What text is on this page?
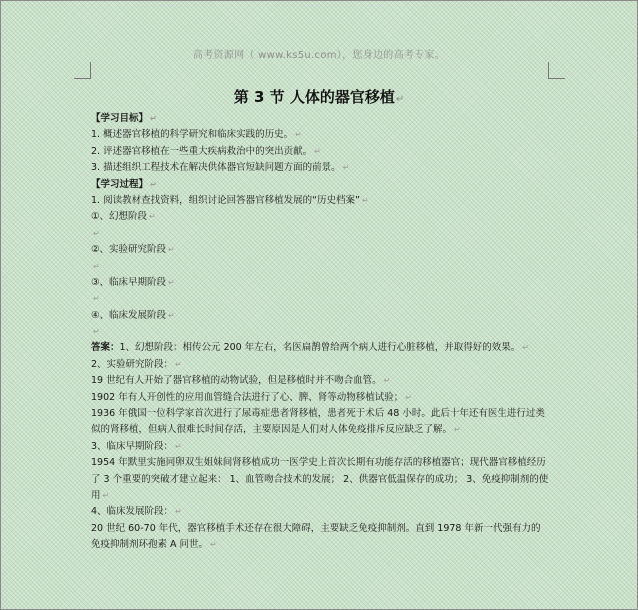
高考资源网（ www.ks5u.com），您身边的高考专家。
第 3 节 人体的器官移植↵
【学习目标】 ↵
1. 概述器官移植的科学研究和临床实践的历史。 ↵
2. 评述器官移植在一些重大疾病救治中的突出贡献。 ↵
3. 描述组织工程技术在解决供体器官短缺问题方面的前景。 ↵
【学习过程】 ↵
1. 阅读教材查找资料，组织讨论回答器官移植发展的“历史档案” ↵
①、幻想阶段 ↵
↵
②、实验研究阶段 ↵
↵
③、临床早期阶段 ↵
↵
④、临床发展阶段 ↵
↵
答案：1、幻想阶段：相传公元 200 年左右，名医扁鹊曾给两个病人进行心脏移植，并取得好的效果。 ↵
2、实验研究阶段： ↵
19 世纪有人开始了器官移植的动物试验，但是移植时并不吻合血管。 ↵
1902 年有人开创性的应用血管缝合法进行了心、脾、肾等动物移植试验； ↵
1936 年俄国一位科学家首次进行了尿毒症患者肾移植，患者死于术后 48 小时。此后十年还有医生进行过类似的肾移植，但病人很难长时间存活，主要原因是人们对人体免疫排斥反应缺乏了解。 ↵
3、临床早期阶段： ↵
1954 年默里实施同卵双生姐妹间肾移植成功一医学史上首次长期有功能存活的移植器官；现代器官移植经历了 3 个重要的突破才建立起来： 1、血管吻合技术的发展； 2、供器官低温保存的成功； 3、免疫抑制剂的使用 ↵
4、临床发展阶段： ↵
20 世纪 60-70 年代，器官移植手术还存在很大障碍，主要缺乏免疫抑制剂。直到 1978 年新一代强有力的免疫抑制剂环孢素 A 问世。 ↵
